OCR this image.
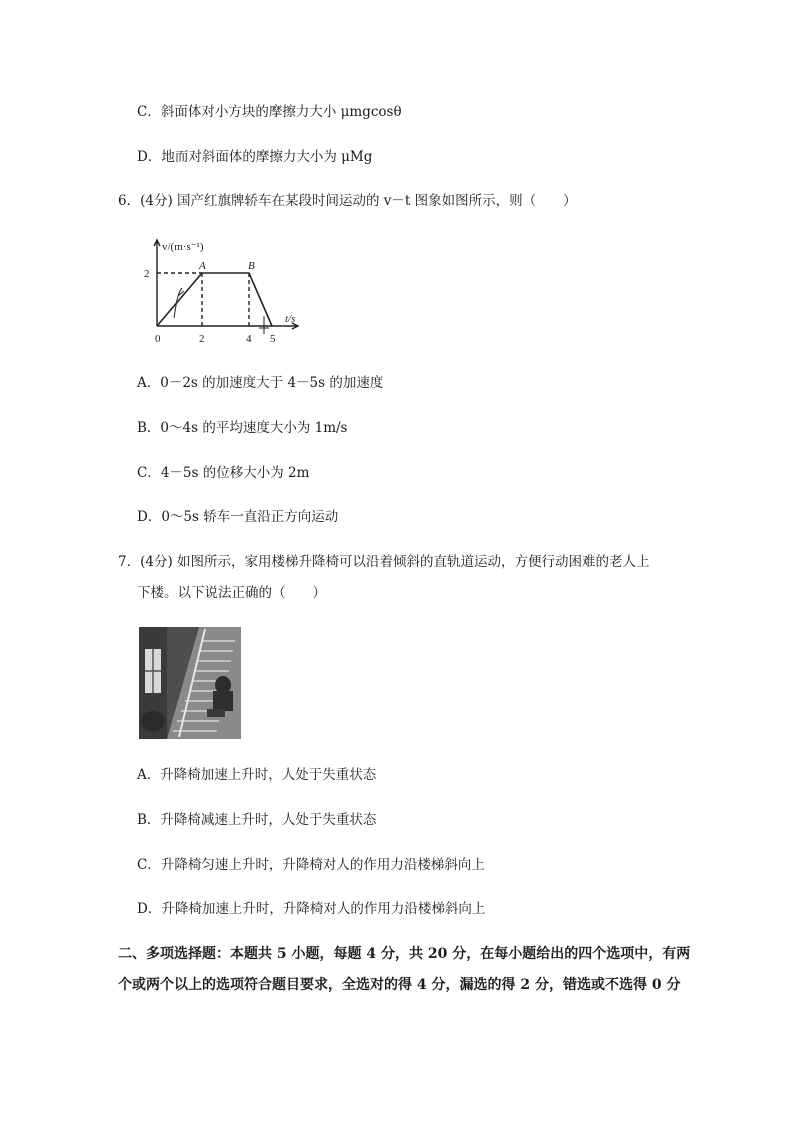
C．斜面体对小方块的摩擦力大小 μmgcosθ
D．地而对斜面体的摩擦力大小为 μMg
6．(4分) 国产红旗牌轿车在某段时间运动的 v－t 图象如图所示，则（　　）
v/(m·s⁻¹)
t/s
A	B
2
0	2	4 5
A．0－2s 的加速度大于 4－5s 的加速度
B．0～4s 的平均速度大小为 1m/s
C．4－5s 的位移大小为 2m
D．0～5s 轿车一直沿正方向运动
7．(4分) 如图所示，家用楼梯升降椅可以沿着倾斜的直轨道运动，方便行动困难的老人上
下楼。以下说法正确的（　　）
A．升降椅加速上升时，人处于失重状态
B．升降椅减速上升时，人处于失重状态
C．升降椅匀速上升时，升降椅对人的作用力沿楼梯斜向上
D．升降椅加速上升时，升降椅对人的作用力沿楼梯斜向上
二、多项选择题：本题共 5 小题，每题 4 分，共 20 分，在每小题给出的四个选项中，有两
个或两个以上的选项符合题目要求，全选对的得 4 分，漏选的得 2 分，错选或不选得 0 分
